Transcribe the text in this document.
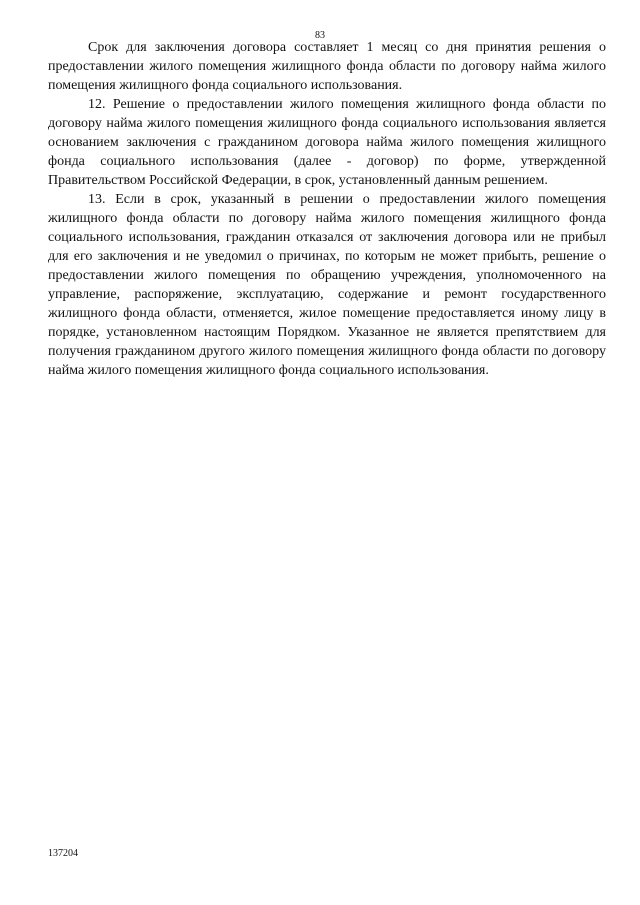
83

Срок для заключения договора составляет 1 месяц со дня принятия решения о предоставлении жилого помещения жилищного фонда области по договору найма жилого помещения жилищного фонда социального использования.

12. Решение о предоставлении жилого помещения жилищного фонда области по договору найма жилого помещения жилищного фонда социального использования является основанием заключения с гражданином договора найма жилого помещения жилищного фонда социального использования (далее - договор) по форме, утвержденной Правительством Российской Федерации, в срок, установленный данным решением.

13. Если в срок, указанный в решении о предоставлении жилого помещения жилищного фонда области по договору найма жилого помещения жилищного фонда социального использования, гражданин отказался от заключения договора или не прибыл для его заключения и не уведомил о причинах, по которым не может прибыть, решение о предоставлении жилого помещения по обращению учреждения, уполномоченного на управление, распоряжение, эксплуатацию, содержание и ремонт государственного жилищного фонда области, отменяется, жилое помещение предоставляется иному лицу в порядке, установленном настоящим Порядком. Указанное не является препятствием для получения гражданином другого жилого помещения жилищного фонда области по договору найма жилого помещения жилищного фонда социального использования.

137204
